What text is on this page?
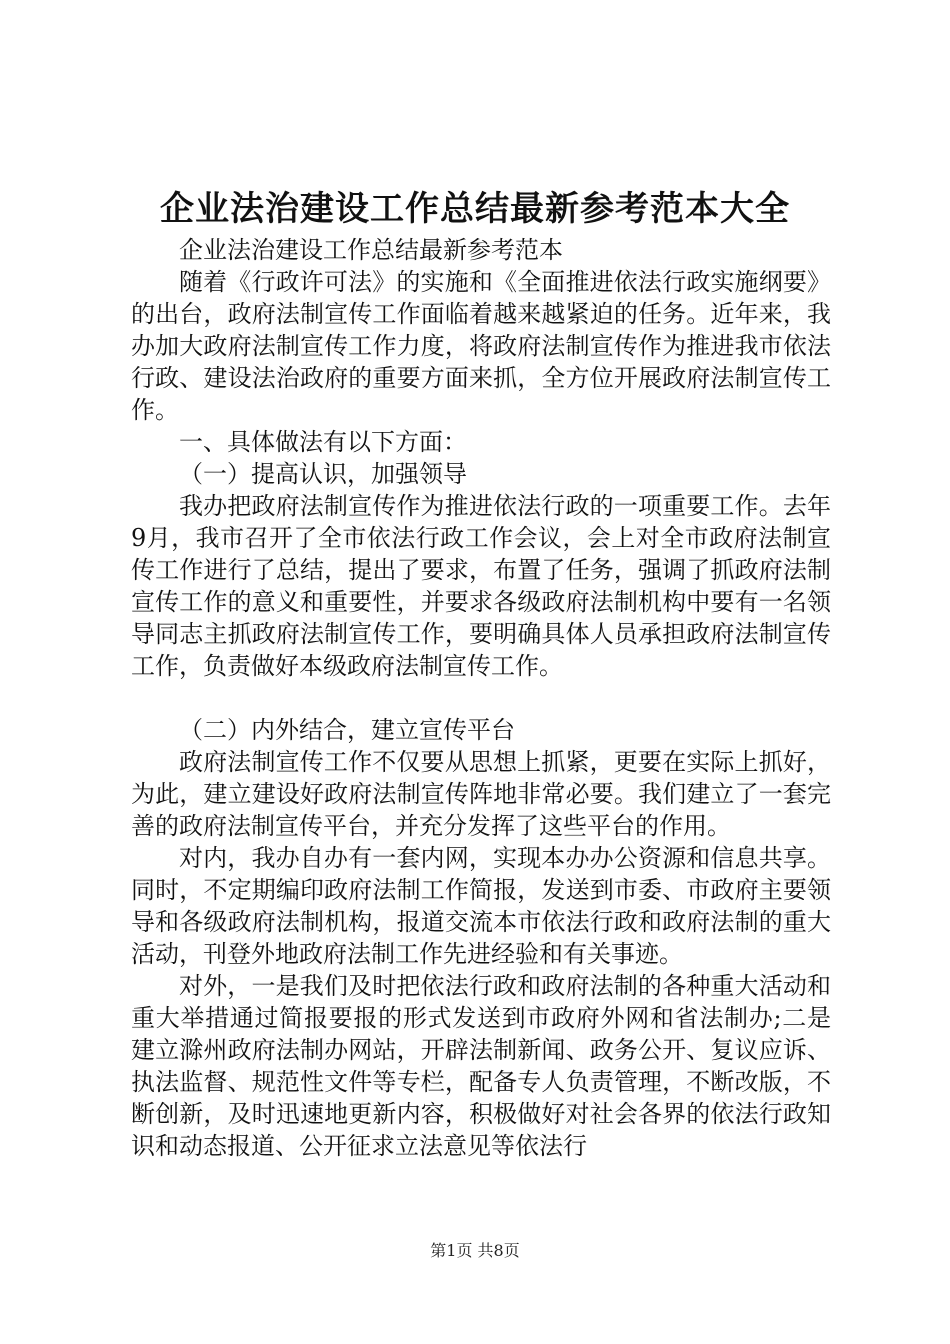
企业法治建设工作总结最新参考范本大全

企业法治建设工作总结最新参考范本

随着《行政许可法》的实施和《全面推进依法行政实施纲要》的出台，政府法制宣传工作面临着越来越紧迫的任务。近年来，我办加大政府法制宣传工作力度，将政府法制宣传作为推进我市依法行政、建设法治政府的重要方面来抓，全方位开展政府法制宣传工作。

一、具体做法有以下方面：

（一）提高认识，加强领导

我办把政府法制宣传作为推进依法行政的一项重要工作。去年9月，我市召开了全市依法行政工作会议，会上对全市政府法制宣传工作进行了总结，提出了要求，布置了任务，强调了抓政府法制宣传工作的意义和重要性，并要求各级政府法制机构中要有一名领导同志主抓政府法制宣传工作，要明确具体人员承担政府法制宣传工作，负责做好本级政府法制宣传工作。

（二）内外结合，建立宣传平台

政府法制宣传工作不仅要从思想上抓紧，更要在实际上抓好，为此，建立建设好政府法制宣传阵地非常必要。我们建立了一套完善的政府法制宣传平台，并充分发挥了这些平台的作用。

对内，我办自办有一套内网，实现本办办公资源和信息共享。同时，不定期编印政府法制工作简报，发送到市委、市政府主要领导和各级政府法制机构，报道交流本市依法行政和政府法制的重大活动，刊登外地政府法制工作先进经验和有关事迹。

对外，一是我们及时把依法行政和政府法制的各种重大活动和重大举措通过简报要报的形式发送到市政府外网和省法制办;二是建立滁州政府法制办网站，开辟法制新闻、政务公开、复议应诉、执法监督、规范性文件等专栏，配备专人负责管理，不断改版，不断创新，及时迅速地更新内容，积极做好对社会各界的依法行政知识和动态报道、公开征求立法意见等依法行

第1页 共8页
